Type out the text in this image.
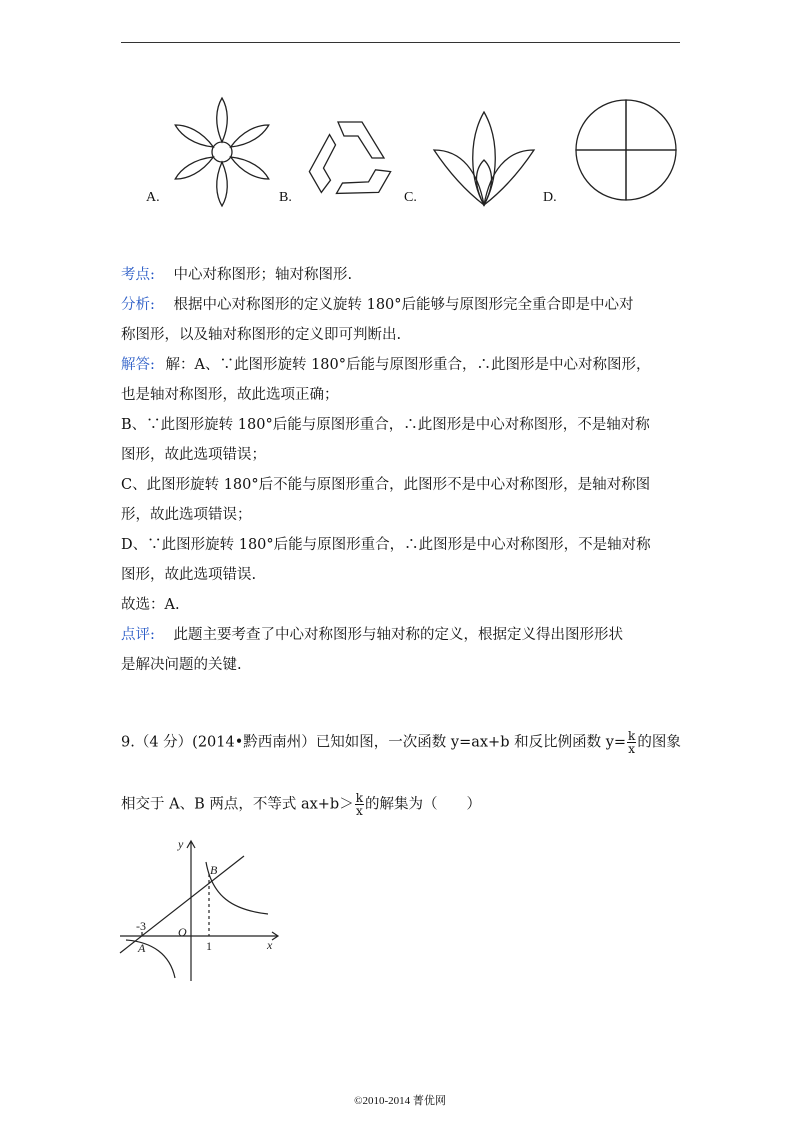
A.	B.	C.	D.
考点: 中心对称图形；轴对称图形.
分析: 根据中心对称图形的定义旋转 180°后能够与原图形完全重合即是中心对
称图形，以及轴对称图形的定义即可判断出.
解答: 解：A、∵此图形旋转 180°后能与原图形重合，∴此图形是中心对称图形，
也是轴对称图形，故此选项正确；
B、∵此图形旋转 180°后能与原图形重合，∴此图形是中心对称图形，不是轴对称
图形，故此选项错误；
C、此图形旋转 180°后不能与原图形重合，此图形不是中心对称图形，是轴对称图
形，故此选项错误；
D、∵此图形旋转 180°后能与原图形重合，∴此图形是中心对称图形，不是轴对称
图形，故此选项错误.
故选：A.
点评: 此题主要考查了中心对称图形与轴对称的定义，根据定义得出图形形状
是解决问题的关键.
9.（4 分）(2014•黔西南州）已知如图，一次函数 y=ax+b 和反比例函数 $y= \frac{k}{x}$ 的图象
相交于 A、B 两点，不等式 $ax+b> \frac{k}{x}$ 的解集为（　　）
y
x
O
A
B
-3
1
©2010-2014 菁优网
